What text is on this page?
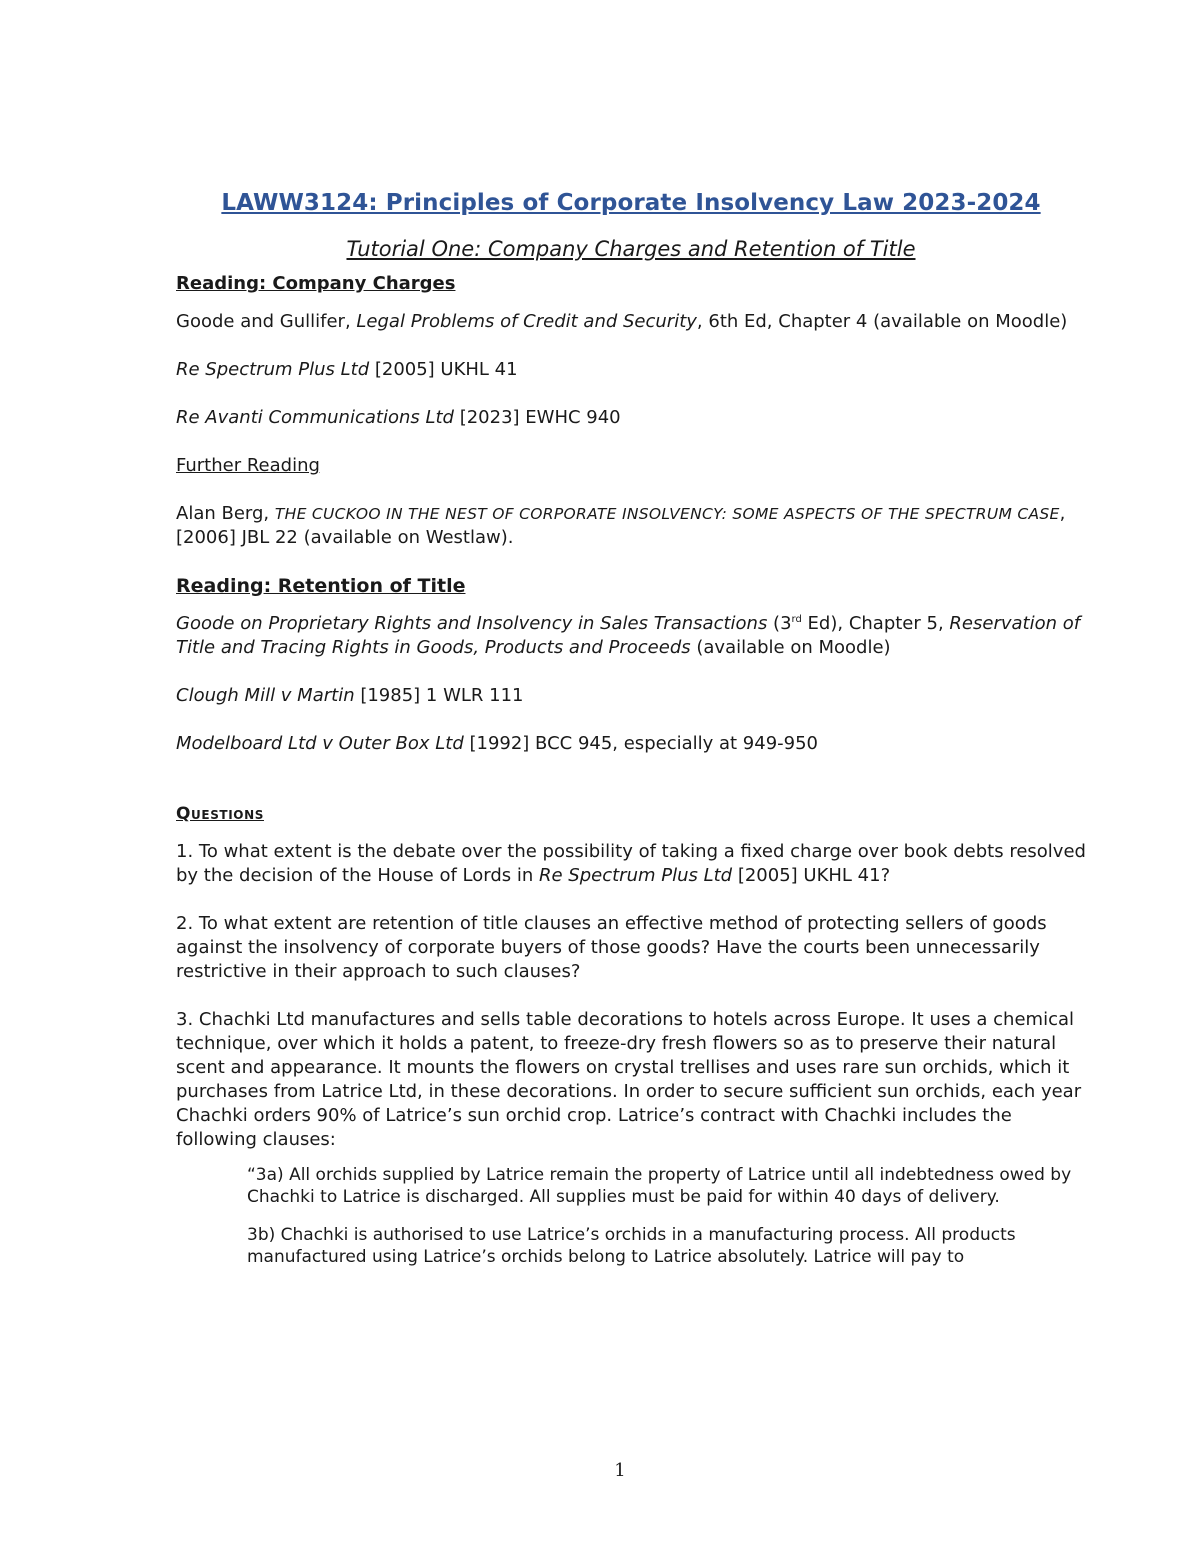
LAWW3124: Principles of Corporate Insolvency Law 2023-2024
Tutorial One: Company Charges and Retention of Title
Reading: Company Charges

Goode and Gullifer, Legal Problems of Credit and Security, 6th Ed, Chapter 4 (available on Moodle)

Re Spectrum Plus Ltd [2005] UKHL 41

Re Avanti Communications Ltd [2023] EWHC 940

Further Reading

Alan Berg, THE CUCKOO IN THE NEST OF CORPORATE INSOLVENCY: SOME ASPECTS OF THE SPECTRUM CASE, [2006] JBL 22 (available on Westlaw).

Reading: Retention of Title

Goode on Proprietary Rights and Insolvency in Sales Transactions (3rd Ed), Chapter 5, Reservation of Title and Tracing Rights in Goods, Products and Proceeds (available on Moodle)

Clough Mill v Martin [1985] 1 WLR 111

Modelboard Ltd v Outer Box Ltd [1992] BCC 945, especially at 949-950

Questions

1. To what extent is the debate over the possibility of taking a fixed charge over book debts resolved by the decision of the House of Lords in Re Spectrum Plus Ltd [2005] UKHL 41?

2. To what extent are retention of title clauses an effective method of protecting sellers of goods against the insolvency of corporate buyers of those goods? Have the courts been unnecessarily restrictive in their approach to such clauses?

3. Chachki Ltd manufactures and sells table decorations to hotels across Europe. It uses a chemical technique, over which it holds a patent, to freeze-dry fresh flowers so as to preserve their natural scent and appearance. It mounts the flowers on crystal trellises and uses rare sun orchids, which it purchases from Latrice Ltd, in these decorations. In order to secure sufficient sun orchids, each year Chachki orders 90% of Latrice’s sun orchid crop. Latrice’s contract with Chachki includes the following clauses:

“3a) All orchids supplied by Latrice remain the property of Latrice until all indebtedness owed by Chachki to Latrice is discharged. All supplies must be paid for within 40 days of delivery.

3b) Chachki is authorised to use Latrice’s orchids in a manufacturing process. All products manufactured using Latrice’s orchids belong to Latrice absolutely. Latrice will pay to

1
